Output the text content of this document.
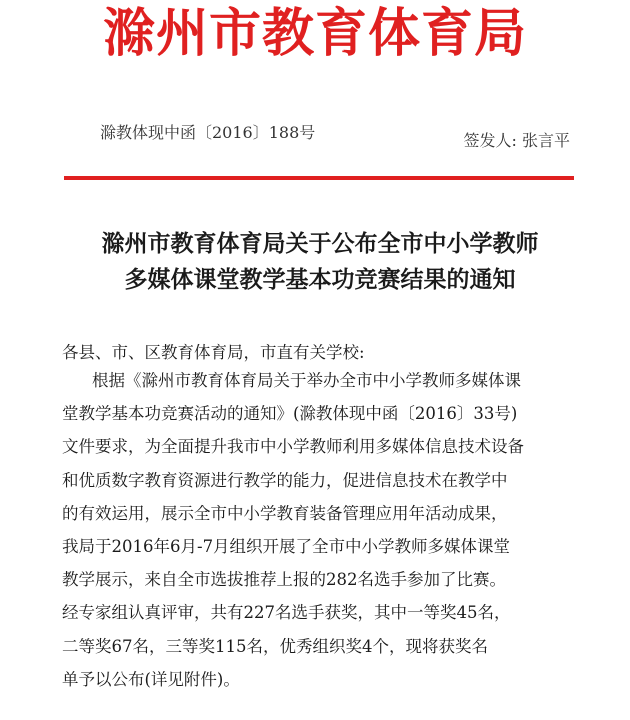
滁州市教育体育局
滁教体现中函〔2016〕188号	签发人: 张言平
滁州市教育体育局关于公布全市中小学教师
多媒体课堂教学基本功竞赛结果的通知
各县、市、区教育体育局，市直有关学校:
根据《滁州市教育体育局关于举办全市中小学教师多媒体课
堂教学基本功竞赛活动的通知》(滁教体现中函〔2016〕33号)
文件要求，为全面提升我市中小学教师利用多媒体信息技术设备
和优质数字教育资源进行教学的能力，促进信息技术在教学中
的有效运用，展示全市中小学教育装备管理应用年活动成果，
我局于2016年6月-7月组织开展了全市中小学教师多媒体课堂
教学展示，来自全市选拔推荐上报的282名选手参加了比赛。
经专家组认真评审，共有227名选手获奖，其中一等奖45名，
二等奖67名，三等奖115名，优秀组织奖4个，现将获奖名
单予以公布(详见附件)。
